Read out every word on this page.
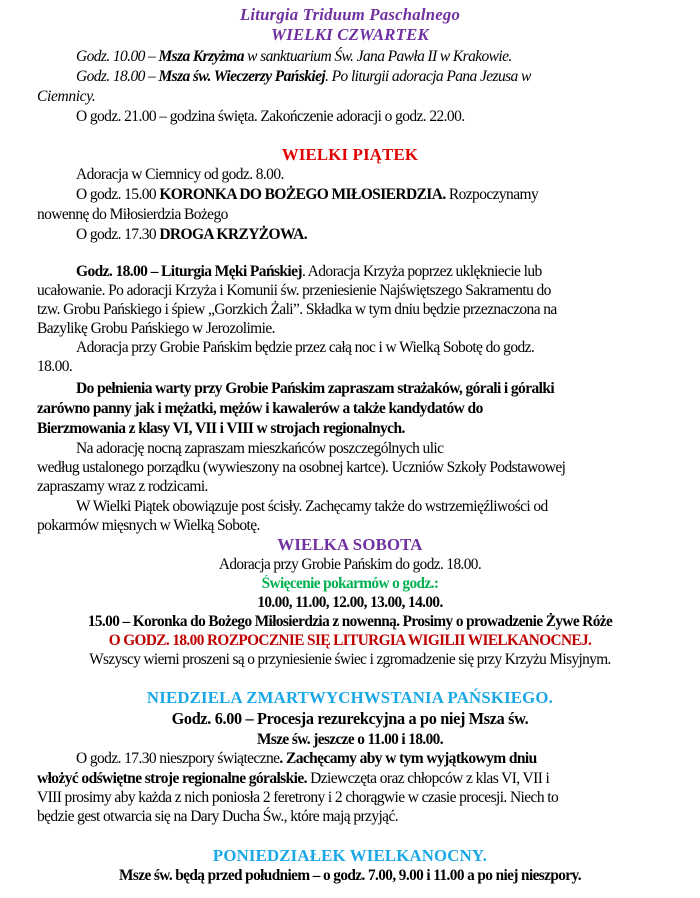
Liturgia Triduum Paschalnego
WIELKI CZWARTEK
Godz. 10.00 – Msza Krzyżma w sanktuarium Św. Jana Pawła II w Krakowie.
Godz. 18.00 – Msza św. Wieczerzy Pańskiej. Po liturgii adoracja Pana Jezusa w
Ciemnicy.
O godz. 21.00 – godzina święta. Zakończenie adoracji o godz. 22.00.
WIELKI PIĄTEK
Adoracja w Ciemnicy od godz. 8.00.
O godz. 15.00 KORONKA DO BOŻEGO MIŁOSIERDZIA. Rozpoczynamy
nowennę do Miłosierdzia Bożego
O godz. 17.30 DROGA KRZYŻOWA.
Godz. 18.00 – Liturgia Męki Pańskiej. Adoracja Krzyża poprzez uklękniecie lub
ucałowanie. Po adoracji Krzyża i Komunii św. przeniesienie Najświętszego Sakramentu do
tzw. Grobu Pańskiego i śpiew „Gorzkich Żali”. Składka w tym dniu będzie przeznaczona na
Bazylikę Grobu Pańskiego w Jerozolimie.
Adoracja przy Grobie Pańskim będzie przez całą noc i w Wielką Sobotę do godz.
18.00.
Do pełnienia warty przy Grobie Pańskim zapraszam strażaków, górali i góralki
zarówno panny jak i mężatki, mężów i kawalerów a także kandydatów do
Bierzmowania z klasy VI, VII i VIII w strojach regionalnych.
Na adorację nocną zapraszam mieszkańców poszczególnych ulic
według ustalonego porządku (wywieszony na osobnej kartce). Uczniów Szkoły Podstawowej
zapraszamy wraz z rodzicami.
W Wielki Piątek obowiązuje post ścisły. Zachęcamy także do wstrzemięźliwości od
pokarmów mięsnych w Wielką Sobotę.
WIELKA SOBOTA
Adoracja przy Grobie Pańskim do godz. 18.00.
Święcenie pokarmów o godz.:
10.00, 11.00, 12.00, 13.00, 14.00.
15.00 – Koronka do Bożego Miłosierdzia z nowenną. Prosimy o prowadzenie Żywe Róże
O GODZ. 18.00 ROZPOCZNIE SIĘ LITURGIA WIGILII WIELKANOCNEJ.
Wszyscy wierni proszeni są o przyniesienie świec i zgromadzenie się przy Krzyżu Misyjnym.
NIEDZIELA ZMARTWYCHWSTANIA PAŃSKIEGO.
Godz. 6.00 – Procesja rezurekcyjna a po niej Msza św.
Msze św. jeszcze o 11.00 i 18.00.
O godz. 17.30 nieszpory świąteczne. Zachęcamy aby w tym wyjątkowym dniu
włożyć odświętne stroje regionalne góralskie. Dziewczęta oraz chłopców z klas VI, VII i
VIII prosimy aby każda z nich poniosła 2 feretrony i 2 chorągwie w czasie procesji. Niech to
będzie gest otwarcia się na Dary Ducha Św., które mają przyjąć.
PONIEDZIAŁEK WIELKANOCNY.
Msze św. będą przed południem – o godz. 7.00, 9.00 i 11.00 a po niej nieszpory.
